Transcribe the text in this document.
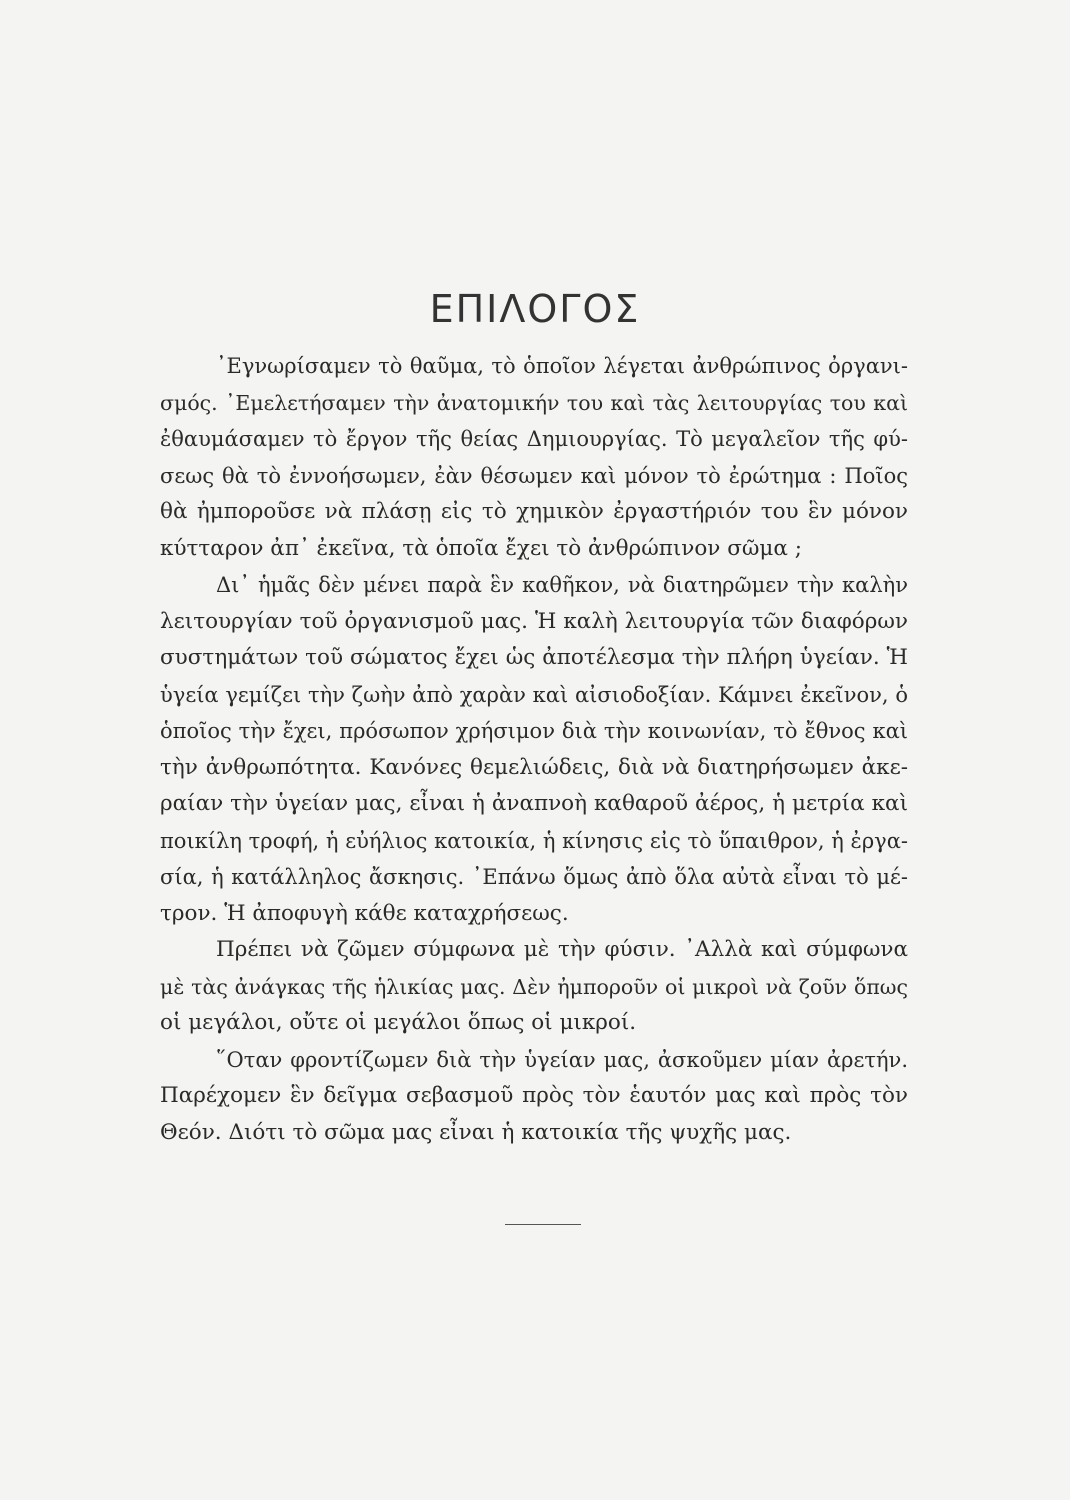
ΕΠΙΛΟΓΟΣ
᾿Εγνωρίσαμεν τὸ θαῦμα, τὸ ὁποῖον λέγεται ἀνθρώπινος ὀργανι-
σμός. ᾿Εμελετήσαμεν τὴν ἀνατομικήν του καὶ τὰς λειτουργίας του καὶ
ἐθαυμάσαμεν τὸ ἔργον τῆς θείας Δημιουργίας. Τὸ μεγαλεῖον τῆς φύ-
σεως θὰ τὸ ἐννοήσωμεν, ἐὰν θέσωμεν καὶ μόνον τὸ ἐρώτημα : Ποῖος
θὰ ἠμποροῦσε νὰ πλάσῃ εἰς τὸ χημικὸν ἐργαστήριόν του ἓν μόνον
κύτταρον ἀπ᾿ ἐκεῖνα, τὰ ὁποῖα ἔχει τὸ ἀνθρώπινον σῶμα ;
Δι᾿ ἡμᾶς δὲν μένει παρὰ ἓν καθῆκον, νὰ διατηρῶμεν τὴν καλὴν
λειτουργίαν τοῦ ὀργανισμοῦ μας. Ἡ καλὴ λειτουργία τῶν διαφόρων
συστημάτων τοῦ σώματος ἔχει ὡς ἀποτέλεσμα τὴν πλήρη ὑγείαν. Ἡ
ὑγεία γεμίζει τὴν ζωὴν ἀπὸ χαρὰν καὶ αἰσιοδοξίαν. Κάμνει ἐκεῖνον, ὁ
ὁποῖος τὴν ἔχει, πρόσωπον χρήσιμον διὰ τὴν κοινωνίαν, τὸ ἔθνος καὶ
τὴν ἀνθρωπότητα. Κανόνες θεμελιώδεις, διὰ νὰ διατηρήσωμεν ἀκε-
ραίαν τὴν ὑγείαν μας, εἶναι ἡ ἀναπνοὴ καθαροῦ ἀέρος, ἡ μετρία καὶ
ποικίλη τροφή, ἡ εὐήλιος κατοικία, ἡ κίνησις εἰς τὸ ὕπαιθρον, ἡ ἐργα-
σία, ἡ κατάλληλος ἄσκησις. ᾿Επάνω ὅμως ἀπὸ ὅλα αὐτὰ εἶναι τὸ μέ-
τρον. Ἡ ἀποφυγὴ κάθε καταχρήσεως.
Πρέπει νὰ ζῶμεν σύμφωνα μὲ τὴν φύσιν. ᾿Αλλὰ καὶ σύμφωνα
μὲ τὰς ἀνάγκας τῆς ἡλικίας μας. Δὲν ἠμποροῦν οἱ μικροὶ νὰ ζοῦν ὅπως
οἱ μεγάλοι, οὔτε οἱ μεγάλοι ὅπως οἱ μικροί.
῞Οταν φροντίζωμεν διὰ τὴν ὑγείαν μας, ἀσκοῦμεν μίαν ἀρετήν.
Παρέχομεν ἓν δεῖγμα σεβασμοῦ πρὸς τὸν ἑαυτόν μας καὶ πρὸς τὸν
Θεόν. Διότι τὸ σῶμα μας εἶναι ἡ κατοικία τῆς ψυχῆς μας.
